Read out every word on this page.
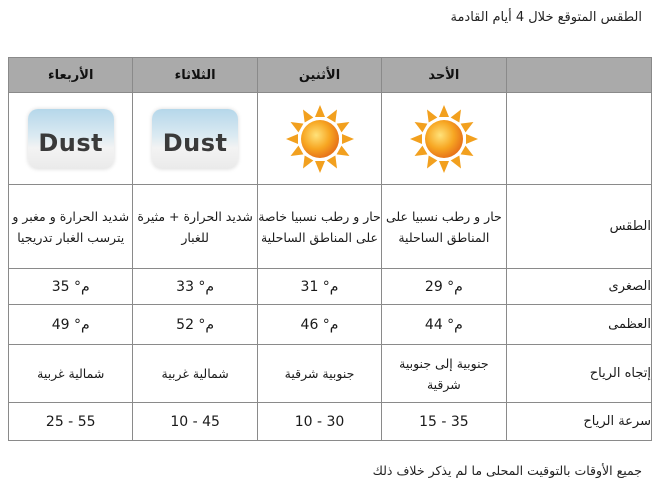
الطقس المتوقع خلال 4 أيام القادمة
	الأحد	الأثنين	الثلاثاء	الأربعاء

Dust	Dust

الطقس	حار و رطب نسبيا على المناطق الساحلية	حار و رطب نسبيا خاصة على المناطق الساحلية	شديد الحرارة + مثيرة للغبار	شديد الحرارة و مغبر و يترسب الغبار تدريجيا
الصغرى	29 °م	31 °م	33 °م	35 °م
العظمى	44 °م	46 °م	52 °م	49 °م
إتجاه الرياح	جنوبية إلى جنوبية شرقية	جنوبية شرقية	شمالية غربية	شمالية غربية
سرعة الرياح	15 - 35	10 - 30	10 - 45	25 - 55
جميع الأوقات بالتوقيت المحلى ما لم يذكر خلاف ذلك
